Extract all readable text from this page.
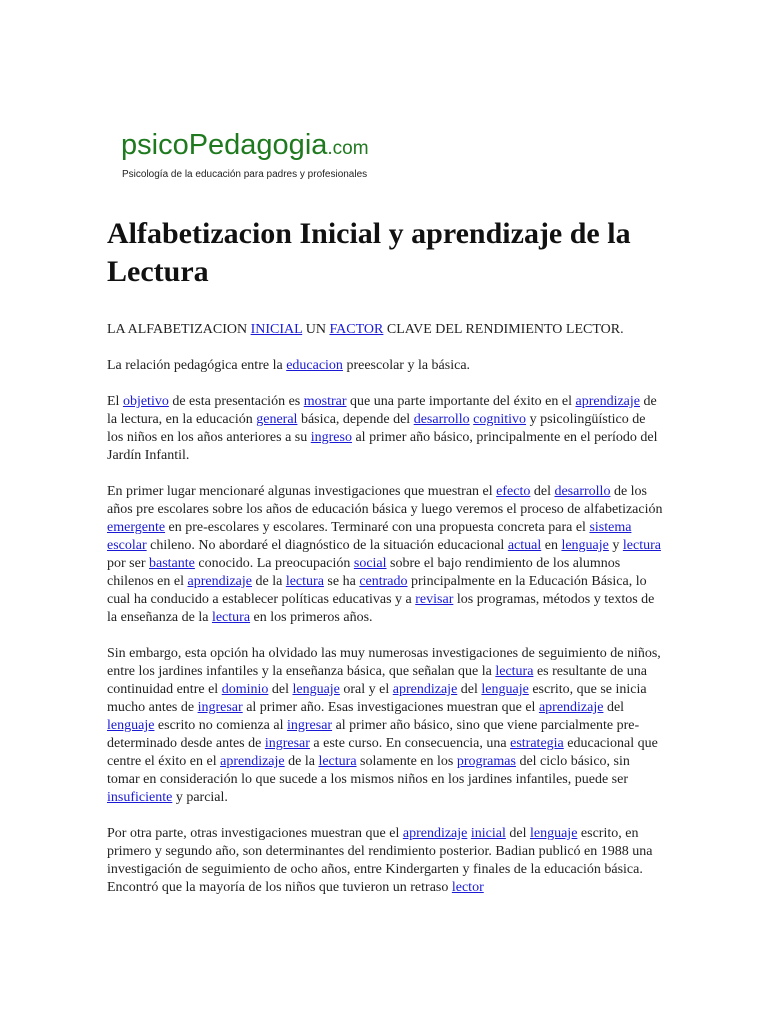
psicoPedagogia.com
Psicología de la educación para padres y profesionales
Alfabetizacion Inicial y aprendizaje de la Lectura

LA ALFABETIZACION INICIAL UN FACTOR CLAVE DEL RENDIMIENTO LECTOR.

La relación pedagógica entre la educacion preescolar y la básica.

El objetivo de esta presentación es mostrar que una parte importante del éxito en el aprendizaje de la lectura, en la educación general básica, depende del desarrollo cognitivo y psicolingüístico de los niños en los años anteriores a su ingreso al primer año básico, principalmente en el período del Jardín Infantil.

En primer lugar mencionaré algunas investigaciones que muestran el efecto del desarrollo de los años pre escolares sobre los años de educación básica y luego veremos el proceso de alfabetización emergente en pre-escolares y escolares. Terminaré con una propuesta concreta para el sistema escolar chileno. No abordaré el diagnóstico de la situación educacional actual en lenguaje y lectura por ser bastante conocido. La preocupación social sobre el bajo rendimiento de los alumnos chilenos en el aprendizaje de la lectura se ha centrado principalmente en la Educación Básica, lo cual ha conducido a establecer políticas educativas y a revisar los programas, métodos y textos de la enseñanza de la lectura en los primeros años.

Sin embargo, esta opción ha olvidado las muy numerosas investigaciones de seguimiento de niños, entre los jardines infantiles y la enseñanza básica, que señalan que la lectura es resultante de una continuidad entre el dominio del lenguaje oral y el aprendizaje del lenguaje escrito, que se inicia mucho antes de ingresar al primer año. Esas investigaciones muestran que el aprendizaje del lenguaje escrito no comienza al ingresar al primer año básico, sino que viene parcialmente pre-determinado desde antes de ingresar a este curso. En consecuencia, una estrategia educacional que centre el éxito en el aprendizaje de la lectura solamente en los programas del ciclo básico, sin tomar en consideración lo que sucede a los mismos niños en los jardines infantiles, puede ser insuficiente y parcial.

Por otra parte, otras investigaciones muestran que el aprendizaje inicial del lenguaje escrito, en primero y segundo año, son determinantes del rendimiento posterior. Badian publicó en 1988 una investigación de seguimiento de ocho años, entre Kindergarten y finales de la educación básica. Encontró que la mayoría de los niños que tuvieron un retraso lector
